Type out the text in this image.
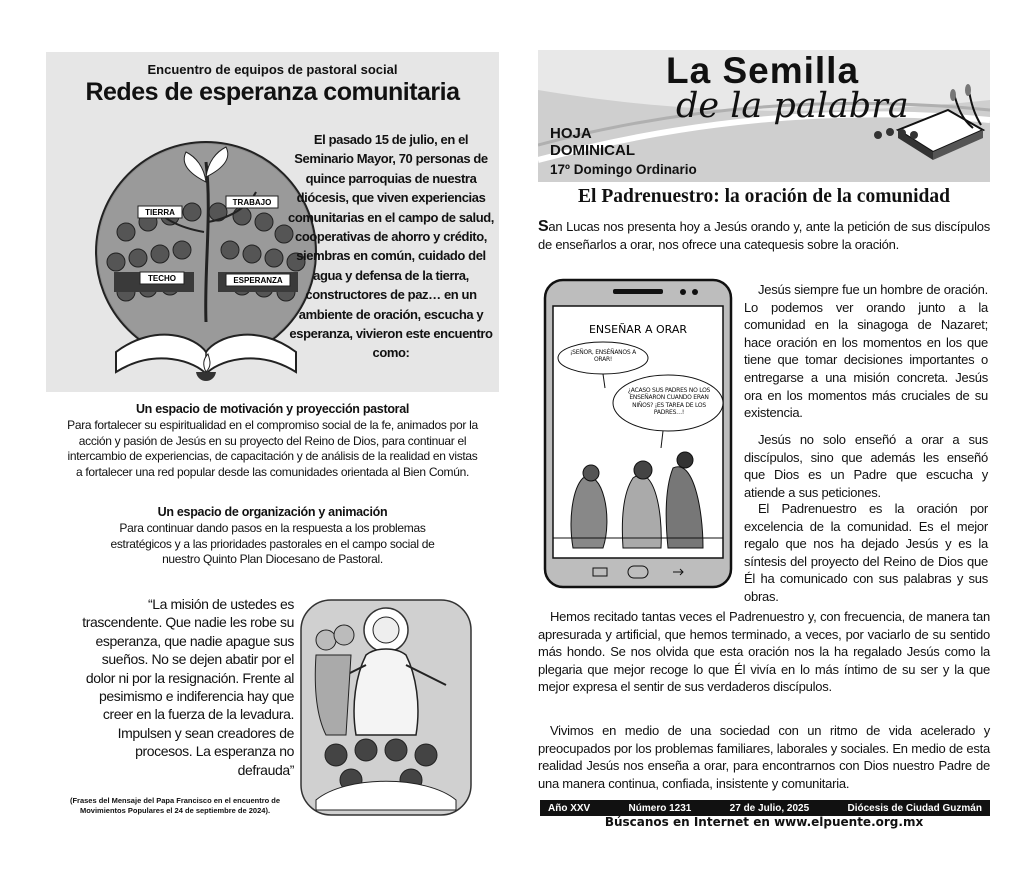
Encuentro de equipos de pastoral social
Redes de esperanza comunitaria
TIERRA
TRABAJO
TECHO	ESPERANZA
El pasado 15 de julio, en el Seminario Mayor, 70 personas de quince parroquias de nuestra diócesis, que viven experiencias comunitarias en el campo de salud, cooperativas de ahorro y crédito, siembras en común, cuidado del agua y defensa de la tierra, constructores de paz… en un ambiente de oración, escucha y esperanza, vivieron este encuentro como:
Un espacio de motivación y proyección pastoral
Para fortalecer su espiritualidad en el compromiso social de la fe, animados por la acción y pasión de Jesús en su proyecto del Reino de Dios, para continuar el intercambio de experiencias, de capacitación y de análisis de la realidad en vistas a fortalecer una red popular desde las comunidades orientada al Bien Común.
Un espacio de organización y animación
Para continuar dando pasos en la respuesta a los problemas estratégicos y a las prioridades pastorales en el campo social de nuestro Quinto Plan Diocesano de Pastoral.
“La misión de ustedes es trascendente. Que nadie les robe su esperanza, que nadie apague sus sueños. No se dejen abatir por el dolor ni por la resignación. Frente al pesimismo e indiferencia hay que creer en la fuerza de la levadura. Impulsen y sean creadores de procesos. La esperanza no defrauda”
(Frases del Mensaje del Papa Francisco en el encuentro de Movimientos Populares el 24 de septiembre de 2024).
La Semilla
de la palabra
HOJA
DOMINICAL
17º Domingo Ordinario
El Padrenuestro: la oración de la comunidad
San Lucas nos presenta hoy a Jesús orando y, ante la petición de sus discípulos de enseñarlos a orar, nos ofrece una catequesis sobre la oración.
ENSEÑAR A ORAR
¡SEÑOR, ENSÉÑANOS A ORAR!
¿ACASO SUS PADRES NO LOS ENSEÑARON CUANDO ERAN NIÑOS? ¡ES TAREA DE LOS PADRES…!
Jesús siempre fue un hombre de oración. Lo podemos ver orando junto a la comunidad en la sinagoga de Nazaret; hace oración en los momentos en los que tiene que tomar decisiones importantes o entregarse a una misión concreta. Jesús ora en los momentos más cruciales de su existencia.
Jesús no solo enseñó a orar a sus discípulos, sino que además les enseñó que Dios es un Padre que escucha y atiende a sus peticiones.
El Padrenuestro es la oración por excelencia de la comunidad. Es el mejor regalo que nos ha dejado Jesús y es la síntesis del proyecto del Reino de Dios que Él ha comunicado con sus palabras y sus obras.
Hemos recitado tantas veces el Padrenuestro y, con frecuencia, de manera tan apresurada y artificial, que hemos terminado, a veces, por vaciarlo de su sentido más hondo. Se nos olvida que esta oración nos la ha regalado Jesús como la plegaria que mejor recoge lo que Él vivía en lo más íntimo de su ser y la que mejor expresa el sentir de sus verdaderos discípulos.
Vivimos en medio de una sociedad con un ritmo de vida acelerado y preocupados por los problemas familiares, laborales y sociales. En medio de esta realidad Jesús nos enseña a orar, para encontrarnos con Dios nuestro Padre de una manera continua, confiada, insistente y comunitaria.
Año XXV	Número 1231	27 de Julio, 2025	Diócesis de Ciudad Guzmán
Búscanos en Internet en www.elpuente.org.mx
